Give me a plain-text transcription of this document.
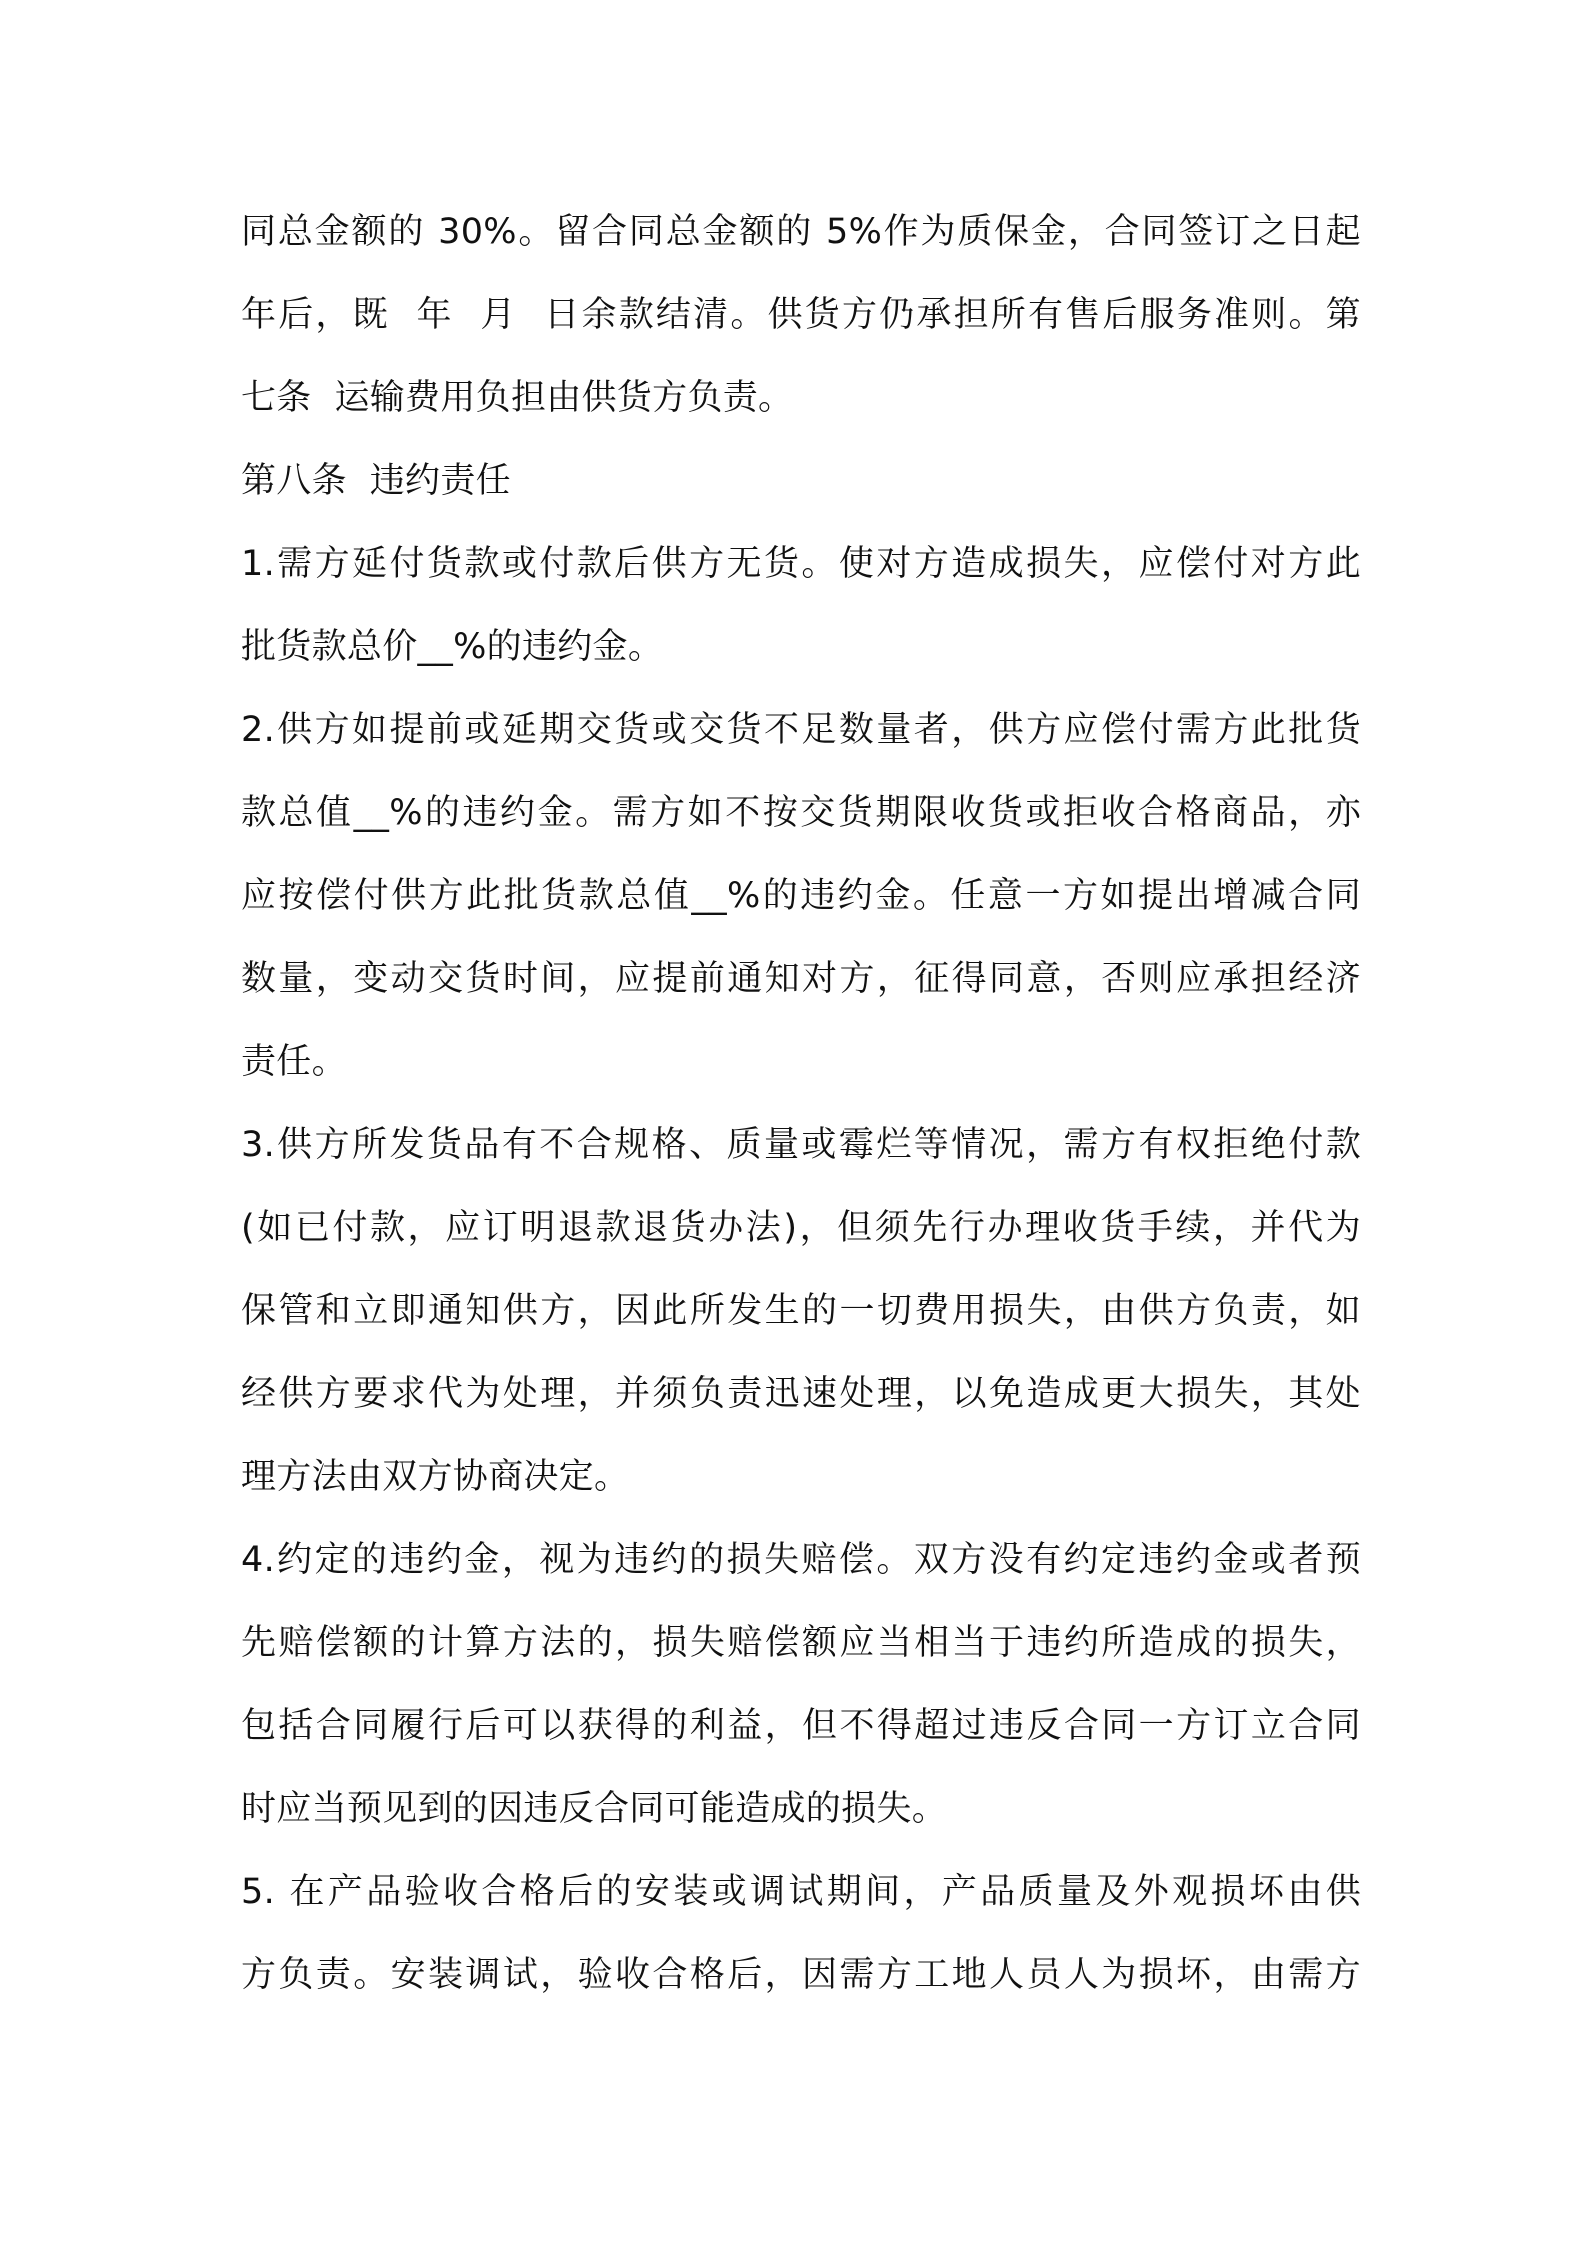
同总金额的 30%。留合同总金额的 5%作为质保金，合同签订之日起
年后，既  年  月  日余款结清。供货方仍承担所有售后服务准则。第
七条  运输费用负担由供货方负责。
第八条  违约责任
1.需方延付货款或付款后供方无货。使对方造成损失，应偿付对方此
批货款总价__%的违约金。
2.供方如提前或延期交货或交货不足数量者，供方应偿付需方此批货
款总值__%的违约金。需方如不按交货期限收货或拒收合格商品，亦
应按偿付供方此批货款总值__%的违约金。任意一方如提出增减合同
数量，变动交货时间，应提前通知对方，征得同意，否则应承担经济
责任。
3.供方所发货品有不合规格、质量或霉烂等情况，需方有权拒绝付款
(如已付款，应订明退款退货办法)，但须先行办理收货手续，并代为
保管和立即通知供方，因此所发生的一切费用损失，由供方负责，如
经供方要求代为处理，并须负责迅速处理，以免造成更大损失，其处
理方法由双方协商决定。
4.约定的违约金，视为违约的损失赔偿。双方没有约定违约金或者预
先赔偿额的计算方法的，损失赔偿额应当相当于违约所造成的损失，
包括合同履行后可以获得的利益，但不得超过违反合同一方订立合同
时应当预见到的因违反合同可能造成的损失。
5. 在产品验收合格后的安装或调试期间，产品质量及外观损坏由供
方负责。安装调试，验收合格后，因需方工地人员人为损坏，由需方
